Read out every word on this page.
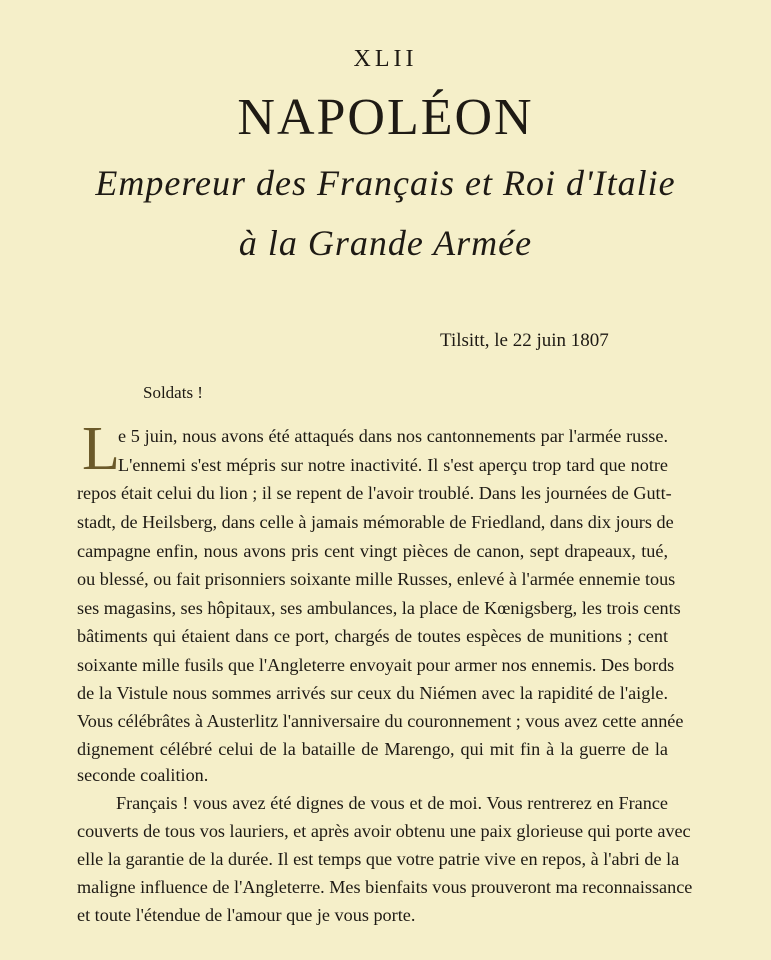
XLII
NAPOLÉON
Empereur des Français et Roi d'Italie
à la Grande Armée
Tilsitt, le 22 juin 1807
Soldats !
L
e 5 juin, nous avons été attaqués dans nos cantonnements par l'armée russe.
L'ennemi s'est mépris sur notre inactivité. Il s'est aperçu trop tard que notre
repos était celui du lion ; il se repent de l'avoir troublé. Dans les journées de Gutt-
stadt, de Heilsberg, dans celle à jamais mémorable de Friedland, dans dix jours de
campagne enfin, nous avons pris cent vingt pièces de canon, sept drapeaux, tué,
ou blessé, ou fait prisonniers soixante mille Russes, enlevé à l'armée ennemie tous
ses magasins, ses hôpitaux, ses ambulances, la place de Kœnigsberg, les trois cents
bâtiments qui étaient dans ce port, chargés de toutes espèces de munitions ; cent
soixante mille fusils que l'Angleterre envoyait pour armer nos ennemis. Des bords
de la Vistule nous sommes arrivés sur ceux du Niémen avec la rapidité de l'aigle.
Vous célébrâtes à Austerlitz l'anniversaire du couronnement ; vous avez cette année
dignement célébré celui de la bataille de Marengo, qui mit fin à la guerre de la
seconde coalition.
Français ! vous avez été dignes de vous et de moi. Vous rentrerez en France
couverts de tous vos lauriers, et après avoir obtenu une paix glorieuse qui porte avec
elle la garantie de la durée. Il est temps que votre patrie vive en repos, à l'abri de la
maligne influence de l'Angleterre. Mes bienfaits vous prouveront ma reconnaissance
et toute l'étendue de l'amour que je vous porte.
